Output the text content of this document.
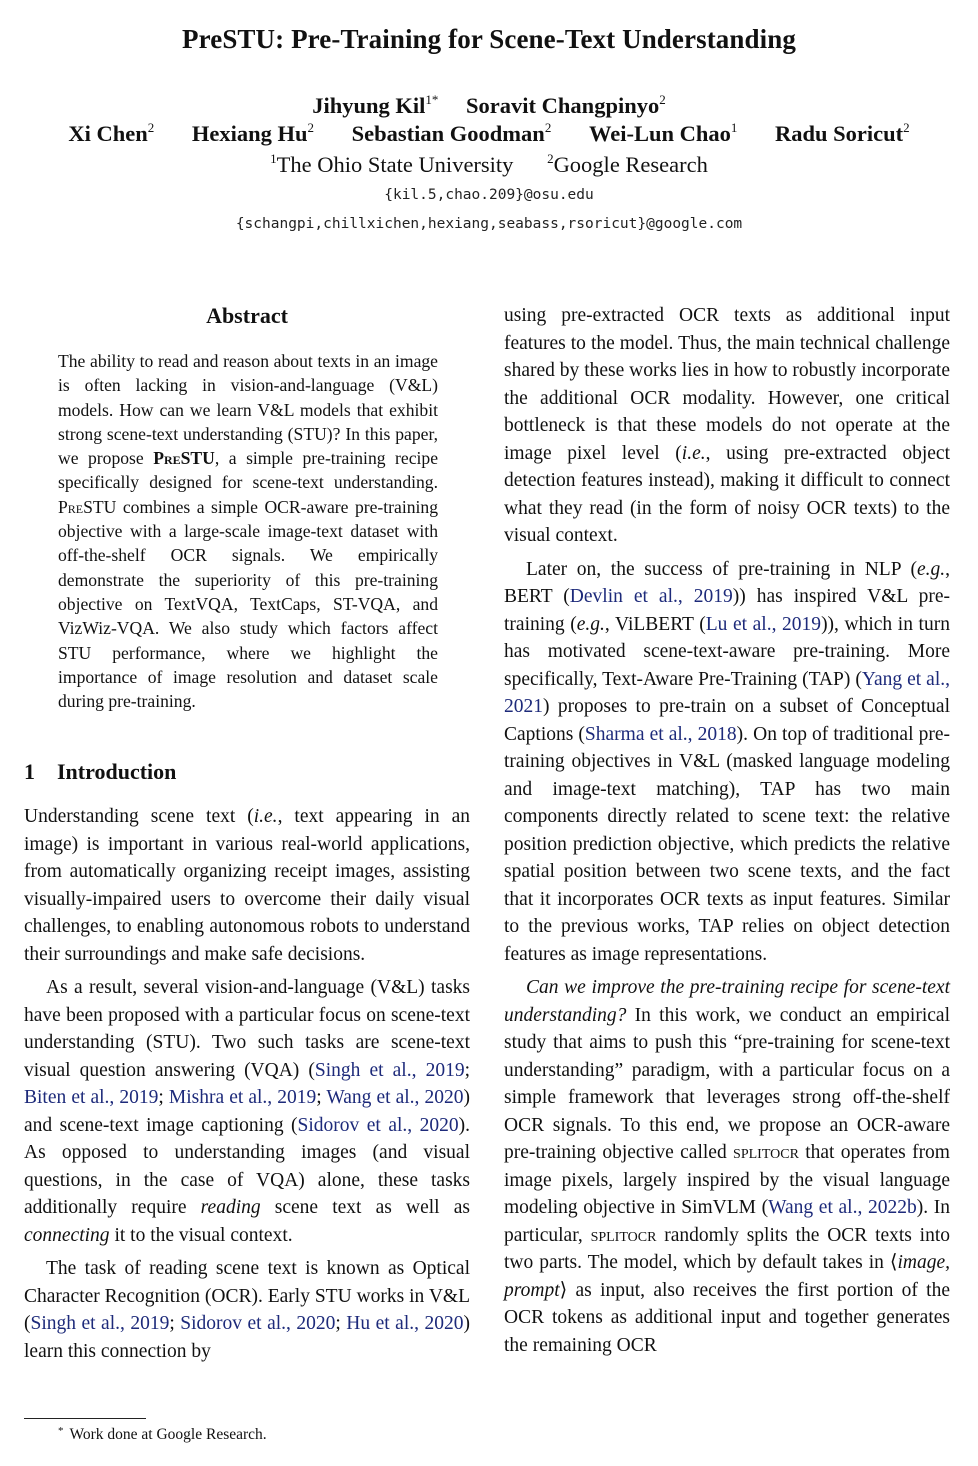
PreSTU: Pre-Training for Scene-Text Understanding
Jihyung Kil$^{1*}$ Soravit Changpinyo$^2$
Xi Chen$^2$ Hexiang Hu$^2$ Sebastian Goodman$^2$ Wei-Lun Chao$^1$ Radu Soricut$^2$
$^1$The Ohio State University	$^2$Google Research
{kil.5,chao.209}@osu.edu
{schangpi,chillxichen,hexiang,seabass,rsoricut}@google.com
Abstract
The ability to read and reason about texts in an image is often lacking in vision-and-language (V&L) models. How can we learn V&L models that exhibit strong scene-text understanding (STU)? In this paper, we propose PreSTU, a simple pre-training recipe specifically designed for scene-text understanding. PreSTU combines a simple OCR-aware pre-training objective with a large-scale image-text dataset with off-the-shelf OCR signals. We empirically demonstrate the superiority of this pre-training objective on TextVQA, TextCaps, ST-VQA, and VizWiz-VQA. We also study which factors affect STU performance, where we highlight the importance of image resolution and dataset scale during pre-training.
1 Introduction

Understanding scene text (i.e., text appearing in an image) is important in various real-world applications, from automatically organizing receipt images, assisting visually-impaired users to overcome their daily visual challenges, to enabling autonomous robots to understand their surroundings and make safe decisions.

As a result, several vision-and-language (V&L) tasks have been proposed with a particular focus on scene-text understanding (STU). Two such tasks are scene-text visual question answering (VQA) (Singh et al., 2019; Biten et al., 2019; Mishra et al., 2019; Wang et al., 2020) and scene-text image captioning (Sidorov et al., 2020). As opposed to understanding images (and visual questions, in the case of VQA) alone, these tasks additionally require reading scene text as well as connecting it to the visual context.

The task of reading scene text is known as Optical Character Recognition (OCR). Early STU works in V&L (Singh et al., 2019; Sidorov et al., 2020; Hu et al., 2020) learn this connection by

using pre-extracted OCR texts as additional input features to the model. Thus, the main technical challenge shared by these works lies in how to robustly incorporate the additional OCR modality. However, one critical bottleneck is that these models do not operate at the image pixel level (i.e., using pre-extracted object detection features instead), making it difficult to connect what they read (in the form of noisy OCR texts) to the visual context.

Later on, the success of pre-training in NLP (e.g., BERT (Devlin et al., 2019)) has inspired V&L pre-training (e.g., ViLBERT (Lu et al., 2019)), which in turn has motivated scene-text-aware pre-training. More specifically, Text-Aware Pre-Training (TAP) (Yang et al., 2021) proposes to pre-train on a subset of Conceptual Captions (Sharma et al., 2018). On top of traditional pre-training objectives in V&L (masked language modeling and image-text matching), TAP has two main components directly related to scene text: the relative position prediction objective, which predicts the relative spatial position between two scene texts, and the fact that it incorporates OCR texts as input features. Similar to the previous works, TAP relies on object detection features as image representations.

Can we improve the pre-training recipe for scene-text understanding? In this work, we conduct an empirical study that aims to push this “pre-training for scene-text understanding” paradigm, with a particular focus on a simple framework that leverages strong off-the-shelf OCR signals. To this end, we propose an OCR-aware pre-training objective called splitocr that operates from image pixels, largely inspired by the visual language modeling objective in SimVLM (Wang et al., 2022b). In particular, splitocr randomly splits the OCR texts into two parts. The model, which by default takes in ⟨image, prompt⟩ as input, also receives the first portion of the OCR tokens as additional input and together generates the remaining OCR

* Work done at Google Research.
